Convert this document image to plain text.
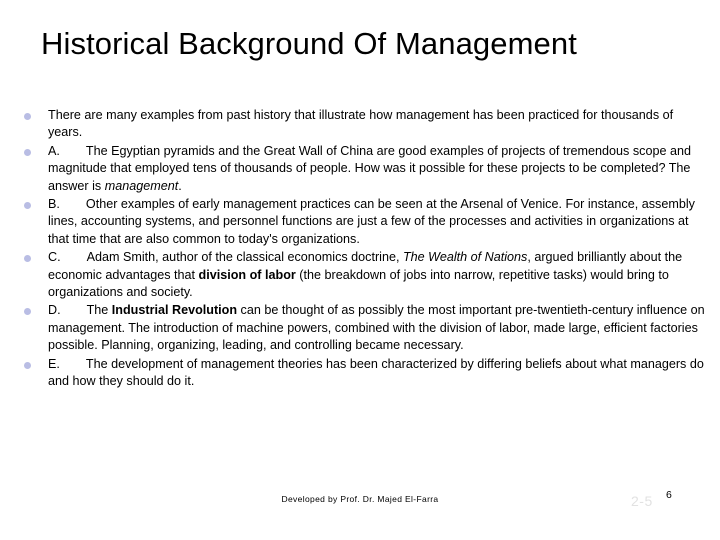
Historical Background Of Management
There are many examples from past history that illustrate how management has been practiced for thousands of years.
A. The Egyptian pyramids and the Great Wall of China are good examples of projects of tremendous scope and magnitude that employed tens of thousands of people. How was it possible for these projects to be completed? The answer is management.
B. Other examples of early management practices can be seen at the Arsenal of Venice. For instance, assembly lines, accounting systems, and personnel functions are just a few of the processes and activities in organizations at that time that are also common to today's organizations.
C. Adam Smith, author of the classical economics doctrine, The Wealth of Nations, argued brilliantly about the economic advantages that division of labor (the breakdown of jobs into narrow, repetitive tasks) would bring to organizations and society.
D. The Industrial Revolution can be thought of as possibly the most important pre-twentieth-century influence on management. The introduction of machine powers, combined with the division of labor, made large, efficient factories possible. Planning, organizing, leading, and controlling became necessary.
E. The development of management theories has been characterized by differing beliefs about what managers do and how they should do it.
Developed by Prof. Dr. Majed El-Farra	2-5 6
